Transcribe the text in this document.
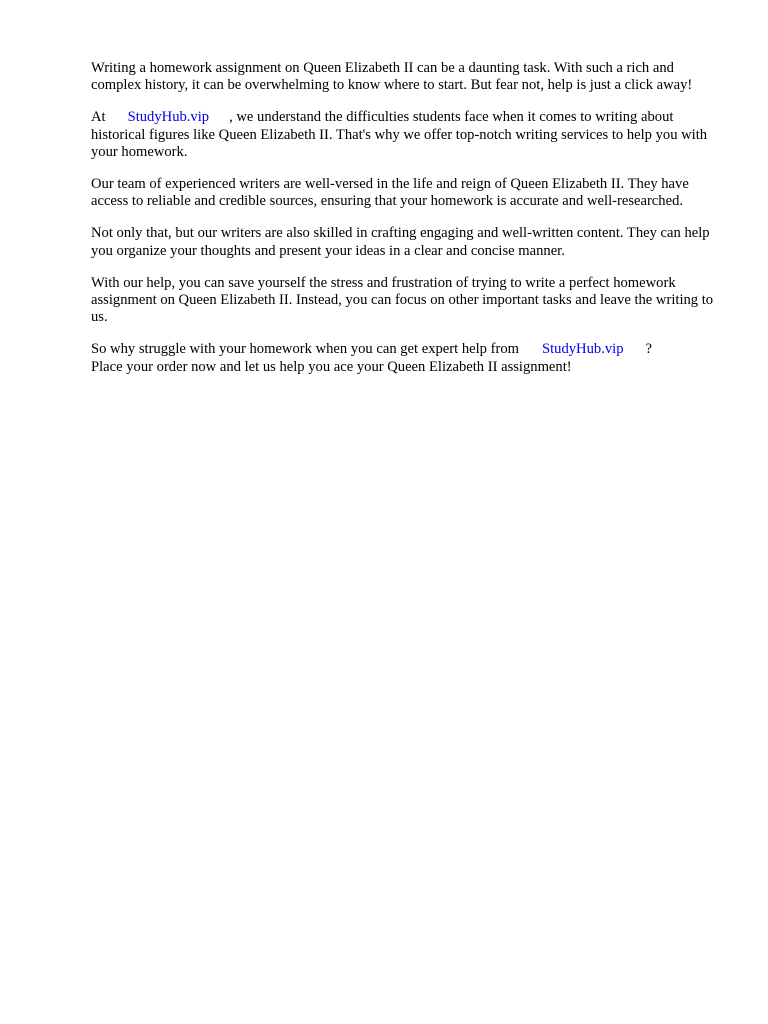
Writing a homework assignment on Queen Elizabeth II can be a daunting task. With such a rich and complex history, it can be overwhelming to know where to start. But fear not, help is just a click away!

At StudyHub.vip , we understand the difficulties students face when it comes to writing about historical figures like Queen Elizabeth II. That's why we offer top-notch writing services to help you with your homework.

Our team of experienced writers are well-versed in the life and reign of Queen Elizabeth II. They have access to reliable and credible sources, ensuring that your homework is accurate and well-researched.

Not only that, but our writers are also skilled in crafting engaging and well-written content. They can help you organize your thoughts and present your ideas in a clear and concise manner.

With our help, you can save yourself the stress and frustration of trying to write a perfect homework assignment on Queen Elizabeth II. Instead, you can focus on other important tasks and leave the writing to us.

So why struggle with your homework when you can get expert help from StudyHub.vip ?
Place your order now and let us help you ace your Queen Elizabeth II assignment!
